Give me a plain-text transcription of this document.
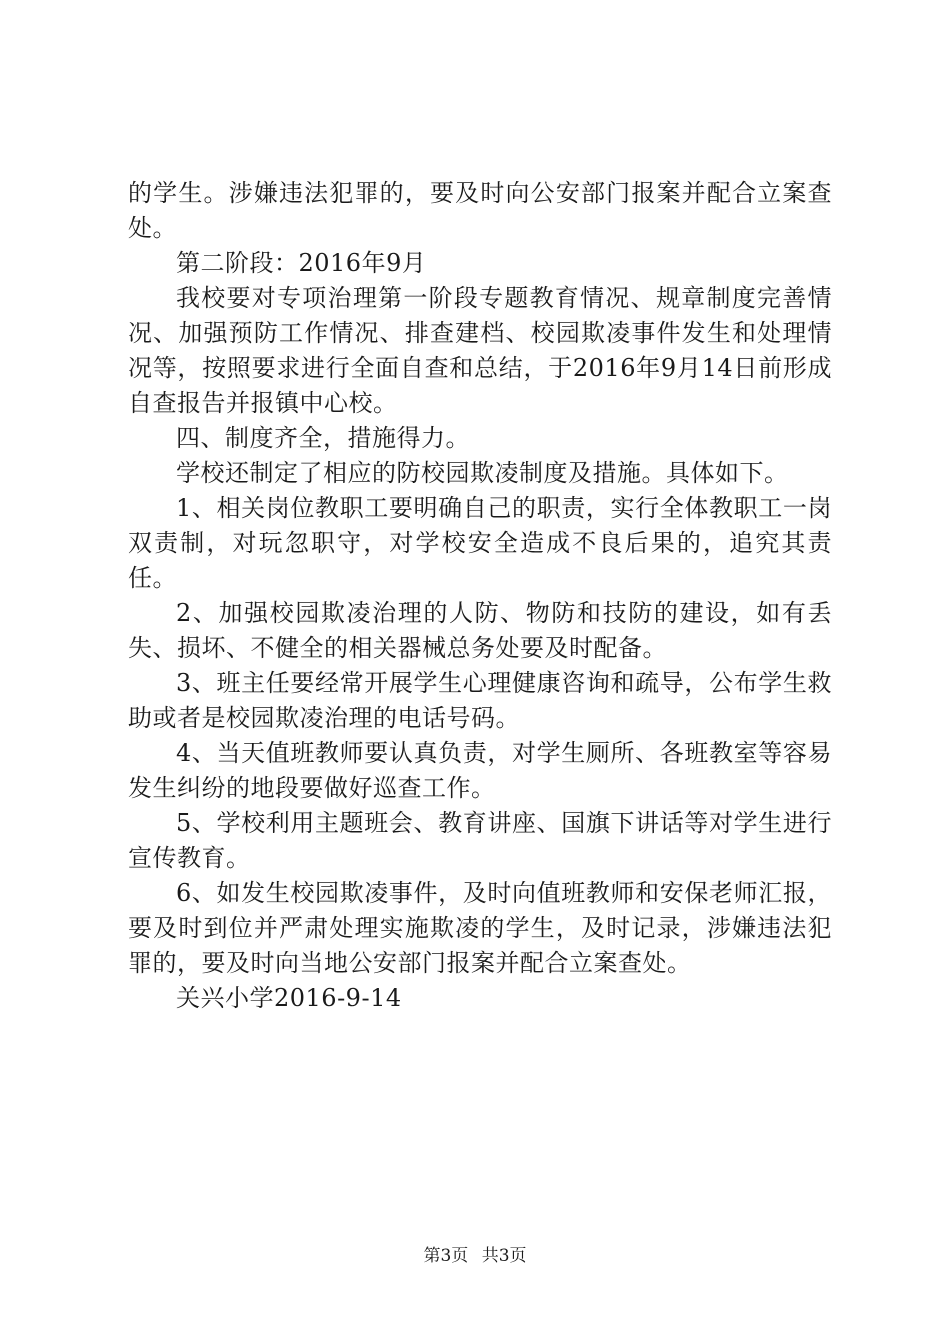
的学生。涉嫌违法犯罪的，要及时向公安部门报案并配合立案查处。

第二阶段：2016年9月

我校要对专项治理第一阶段专题教育情况、规章制度完善情况、加强预防工作情况、排查建档、校园欺凌事件发生和处理情况等，按照要求进行全面自查和总结，于2016年9月14日前形成自查报告并报镇中心校。

四、制度齐全，措施得力。

学校还制定了相应的防校园欺凌制度及措施。具体如下。

1、相关岗位教职工要明确自己的职责，实行全体教职工一岗双责制，对玩忽职守，对学校安全造成不良后果的，追究其责任。

2、加强校园欺凌治理的人防、物防和技防的建设，如有丢失、损坏、不健全的相关器械总务处要及时配备。

3、班主任要经常开展学生心理健康咨询和疏导，公布学生救助或者是校园欺凌治理的电话号码。

4、当天值班教师要认真负责，对学生厕所、各班教室等容易发生纠纷的地段要做好巡查工作。

5、学校利用主题班会、教育讲座、国旗下讲话等对学生进行宣传教育。

6、如发生校园欺凌事件，及时向值班教师和安保老师汇报，要及时到位并严肃处理实施欺凌的学生，及时记录，涉嫌违法犯罪的，要及时向当地公安部门报案并配合立案查处。

关兴小学2016-9-14

第3页 共3页
